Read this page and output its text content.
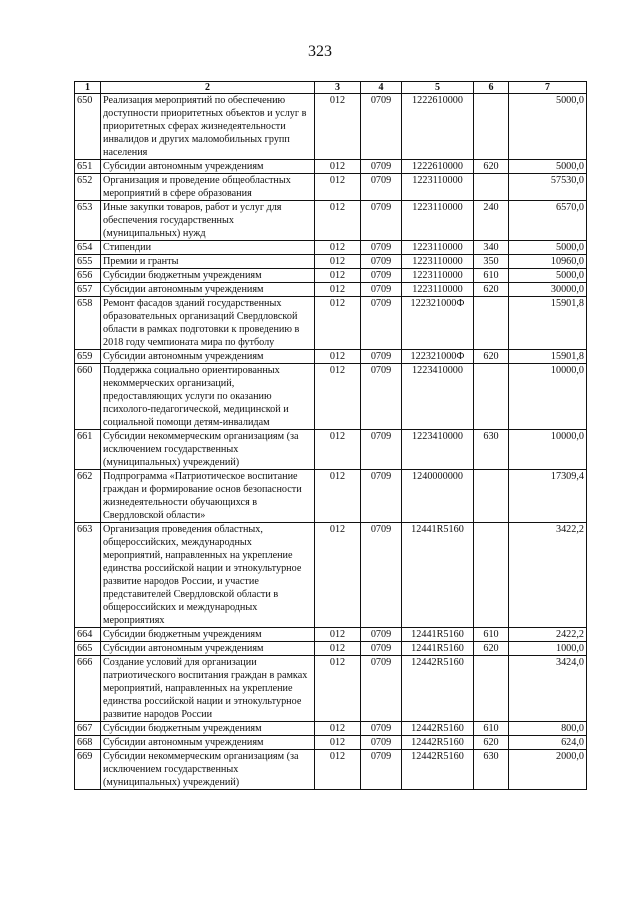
323
1	2	3	4	5	6	7
650	Реализация мероприятий по обеспечению доступности приоритетных объектов и услуг в приоритетных сферах жизнедеятельности инвалидов и других маломобильных групп населения	012	0709	1222610000		5000,0
651	Субсидии автономным учреждениям	012	0709	1222610000	620	5000,0
652	Организация и проведение общеобластных мероприятий в сфере образования	012	0709	1223110000		57530,0
653	Иные закупки товаров, работ и услуг для обеспечения государственных (муниципальных) нужд	012	0709	1223110000	240	6570,0
654	Стипендии	012	0709	1223110000	340	5000,0
655	Премии и гранты	012	0709	1223110000	350	10960,0
656	Субсидии бюджетным учреждениям	012	0709	1223110000	610	5000,0
657	Субсидии автономным учреждениям	012	0709	1223110000	620	30000,0
658	Ремонт фасадов зданий государственных образовательных организаций Свердловской области в рамках подготовки к проведению в 2018 году чемпионата мира по футболу	012	0709	122321000Ф		15901,8
659	Субсидии автономным учреждениям	012	0709	122321000Ф	620	15901,8
660	Поддержка социально ориентированных некоммерческих организаций, предоставляющих услуги по оказанию психолого-педагогической, медицинской и социальной помощи детям-инвалидам	012	0709	1223410000		10000,0
661	Субсидии некоммерческим организациям (за исключением государственных (муниципальных) учреждений)	012	0709	1223410000	630	10000,0
662	Подпрограмма «Патриотическое воспитание граждан и формирование основ безопасности жизнедеятельности обучающихся в Свердловской области»	012	0709	1240000000		17309,4
663	Организация проведения областных, общероссийских, международных мероприятий, направленных на укрепление единства российской нации и этнокультурное развитие народов России, и участие представителей Свердловской области в общероссийских и международных мероприятиях	012	0709	12441R5160		3422,2
664	Субсидии бюджетным учреждениям	012	0709	12441R5160	610	2422,2
665	Субсидии автономным учреждениям	012	0709	12441R5160	620	1000,0
666	Создание условий для организации патриотического воспитания граждан в рамках мероприятий, направленных на укрепление единства российской нации и этнокультурное развитие народов России	012	0709	12442R5160		3424,0
667	Субсидии бюджетным учреждениям	012	0709	12442R5160	610	800,0
668	Субсидии автономным учреждениям	012	0709	12442R5160	620	624,0
669	Субсидии некоммерческим организациям (за исключением государственных (муниципальных) учреждений)	012	0709	12442R5160	630	2000,0
